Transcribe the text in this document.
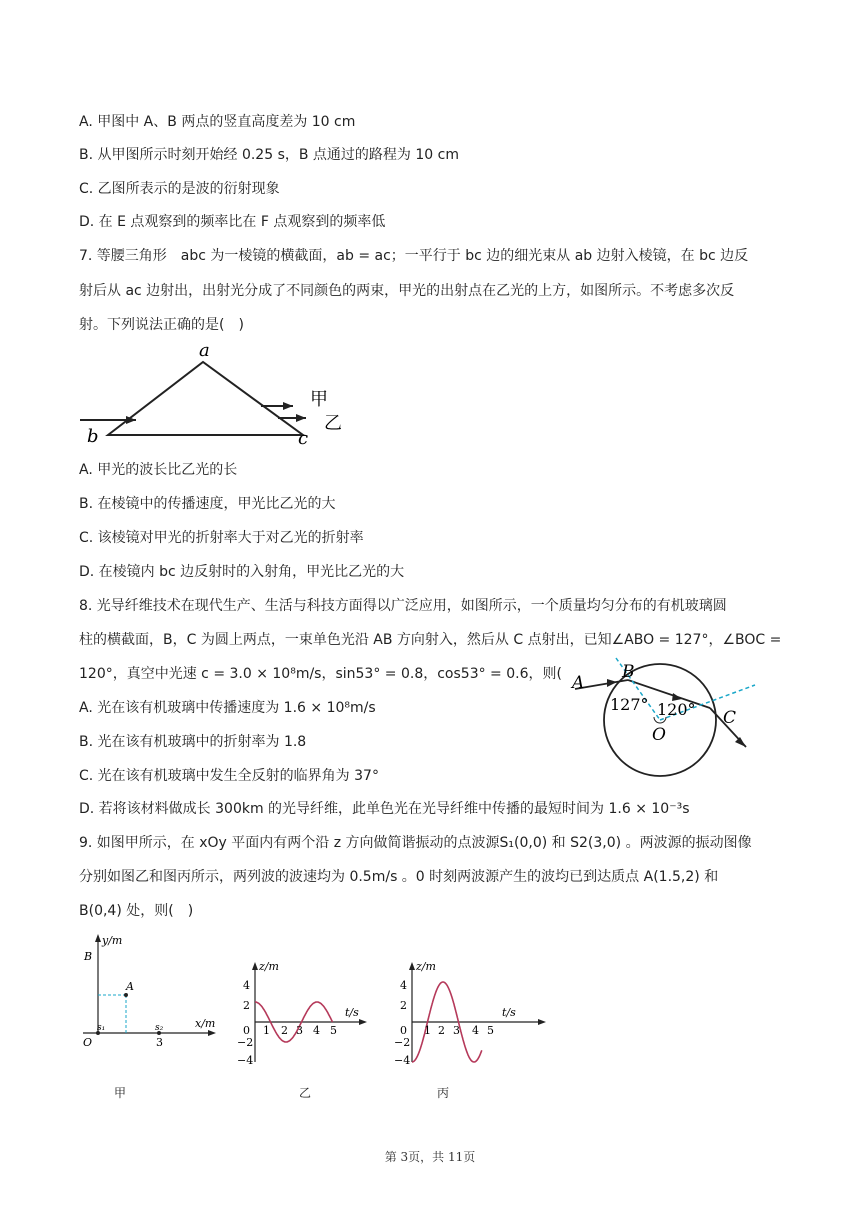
A. 甲图中 A、B 两点的竖直高度差为 10 cm
B. 从甲图所示时刻开始经 0.25 s，B 点通过的路程为 10 cm
C. 乙图所表示的是波的衍射现象
D. 在 E 点观察到的频率比在 F 点观察到的频率低
7. 等腰三角形　abc 为一棱镜的横截面，ab = ac；一平行于 bc 边的细光束从 ab 边射入棱镜，在 bc 边反
射后从 ac 边射出，出射光分成了不同颜色的两束，甲光的出射点在乙光的上方，如图所示。不考虑多次反
射。下列说法正确的是(　)
a
b	c
甲
乙
A. 甲光的波长比乙光的长
B. 在棱镜中的传播速度，甲光比乙光的大
C. 该棱镜对甲光的折射率大于对乙光的折射率
D. 在棱镜内 bc 边反射时的入射角，甲光比乙光的大
8. 光导纤维技术在现代生产、生活与科技方面得以广泛应用，如图所示，一个质量均匀分布的有机玻璃圆
柱的横截面，B，C 为圆上两点，一束单色光沿 AB 方向射入，然后从 C 点射出，已知∠ABO = 127°，∠BOC =
120°，真空中光速 c = 3.0 × 10⁸m/s，sin53° = 0.8，cos53° = 0.6，则(
A. 光在该有机玻璃中传播速度为 1.6 × 10⁸m/s
B. 光在该有机玻璃中的折射率为 1.8
C. 光在该有机玻璃中发生全反射的临界角为 37°
D. 若将该材料做成长 300km 的光导纤维，此单色光在光导纤维中传播的最短时间为 1.6 × 10⁻³s
A
B
C
O
127° 120°
9. 如图甲所示，在 xOy 平面内有两个沿 z 方向做简谐振动的点波源S₁(0,0) 和 S2(3,0) 。两波源的振动图像
分别如图乙和图丙所示，两列波的波速均为 0.5m/s 。0 时刻两波源产生的波均已到达质点 A(1.5,2) 和
B(0,4) 处，则(　)
y/m
x/m
B
A
O
s₁	s₂
3
甲
z/m
t/s
4
2
0
−2
−4
1 2 3 4 5
乙
z/m
t/s
4
2
0
−2
−4
1 2 3 4 5
丙
第 3页，共 11页
